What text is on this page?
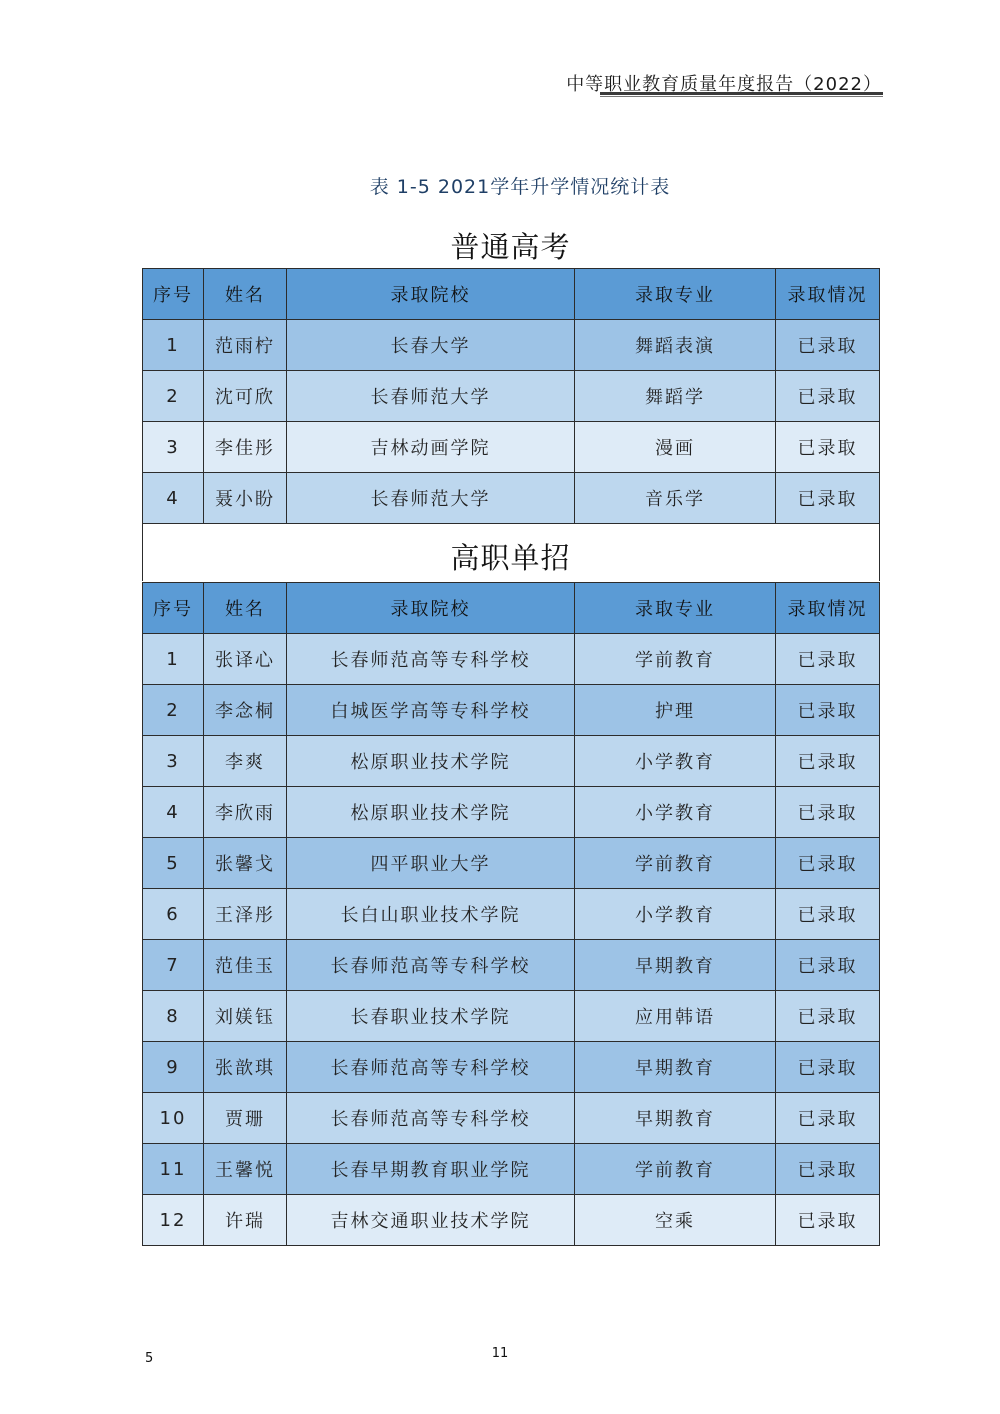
中等职业教育质量年度报告（2022）
表 1-5 2021学年升学情况统计表
普通高考
序号	姓名	录取院校	录取专业	录取情况
1	范雨柠	长春大学	舞蹈表演	已录取
2	沈可欣	长春师范大学	舞蹈学	已录取
3	李佳彤	吉林动画学院	漫画	已录取
4	聂小盼	长春师范大学	音乐学	已录取
高职单招
序号	姓名	录取院校	录取专业	录取情况
1	张译心	长春师范高等专科学校	学前教育	已录取
2	李念桐	白城医学高等专科学校	护理	已录取
3	李爽	松原职业技术学院	小学教育	已录取
4	李欣雨	松原职业技术学院	小学教育	已录取
5	张馨戈	四平职业大学	学前教育	已录取
6	王泽彤	长白山职业技术学院	小学教育	已录取
7	范佳玉	长春师范高等专科学校	早期教育	已录取
8	刘媄钰	长春职业技术学院	应用韩语	已录取
9	张歆琪	长春师范高等专科学校	早期教育	已录取
10	贾珊	长春师范高等专科学校	早期教育	已录取
11	王馨悦	长春早期教育职业学院	学前教育	已录取
12	许瑞	吉林交通职业技术学院	空乘	已录取
5	11
